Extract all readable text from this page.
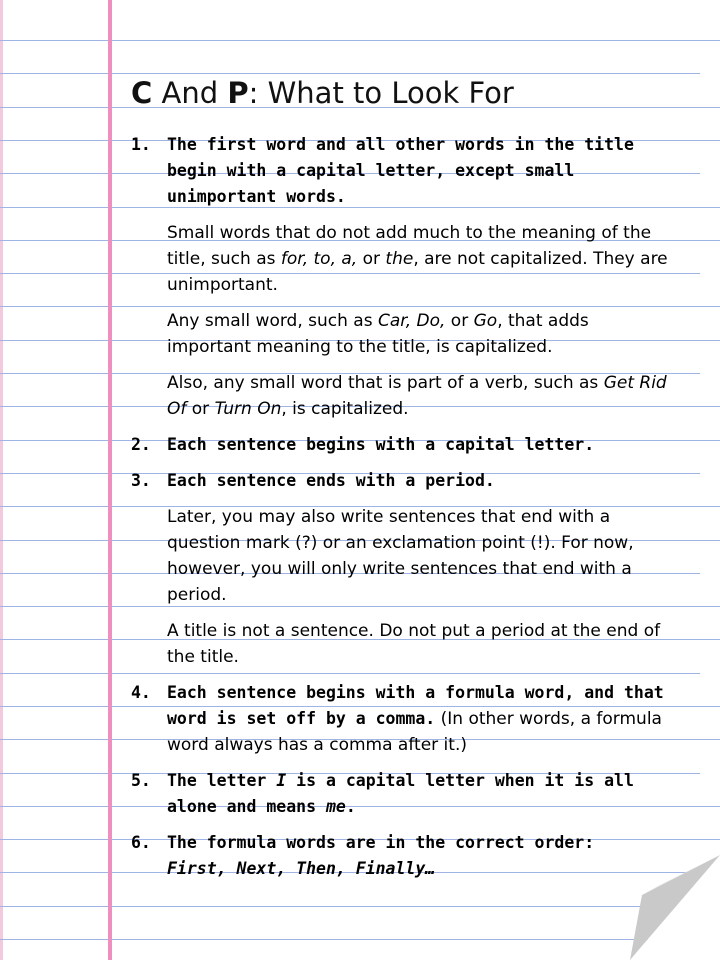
C And P: What to Look For
1. The first word and all other words in the title begin with a capital letter, except small unimportant words.

Small words that do not add much to the meaning of the title, such as for, to, a, or the, are not capitalized. They are unimportant.

Any small word, such as Car, Do, or Go, that adds important meaning to the title, is capitalized.

Also, any small word that is part of a verb, such as Get Rid Of or Turn On, is capitalized.

2. Each sentence begins with a capital letter.

3. Each sentence ends with a period.

Later, you may also write sentences that end with a question mark (?) or an exclamation point (!). For now, however, you will only write sentences that end with a period.

A title is not a sentence. Do not put a period at the end of the title.

4. Each sentence begins with a formula word, and that word is set off by a comma. (In other words, a formula word always has a comma after it.)

5. The letter I is a capital letter when it is all alone and means me.

6. The formula words are in the correct order:
First, Next, Then, Finally…
